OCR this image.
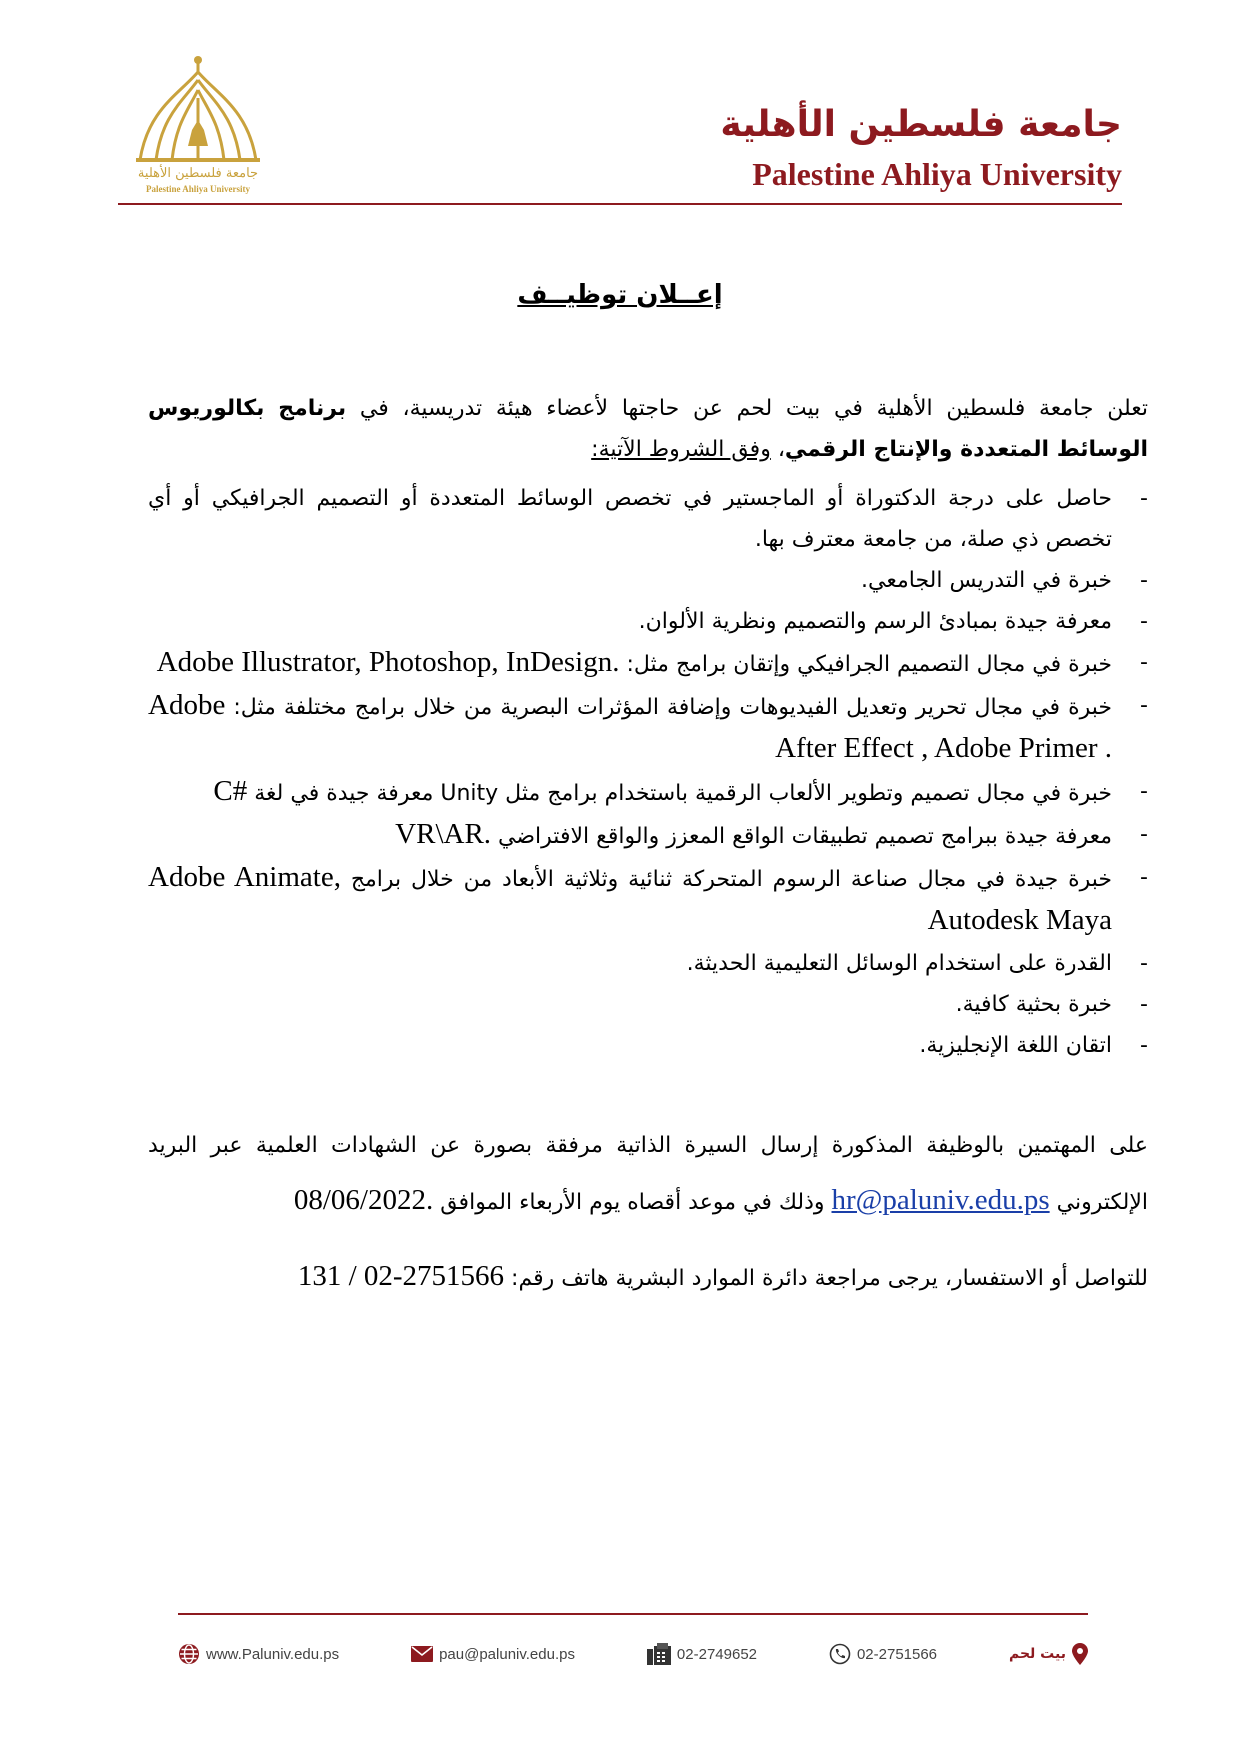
جامعة فلسطين الأهلية
Palestine Ahliya University
جامعة فلسطين الأهلية
Palestine Ahliya University
إعــلان توظيــف

تعلن جامعة فلسطين الأهلية في بيت لحم عن حاجتها لأعضاء هيئة تدريسية، في برنامج بكالوريوس الوسائط المتعددة والإنتاج الرقمي، وفق الشروط الآتية:

- حاصل على درجة الدكتوراة أو الماجستير في تخصص الوسائط المتعددة أو التصميم الجرافيكي أو أي تخصص ذي صلة، من جامعة معترف بها.
- خبرة في التدريس الجامعي.
- معرفة جيدة بمبادئ الرسم والتصميم ونظرية الألوان.
- خبرة في مجال التصميم الجرافيكي وإتقان برامج مثل: Adobe Illustrator, Photoshop, InDesign.
- خبرة في مجال تحرير وتعديل الفيديوهات وإضافة المؤثرات البصرية من خلال برامج مختلفة مثل: Adobe After Effect , Adobe Primer .
- خبرة في مجال تصميم وتطوير الألعاب الرقمية باستخدام برامج مثل Unity معرفة جيدة في لغة C#
- معرفة جيدة ببرامج تصميم تطبيقات الواقع المعزز والواقع الافتراضي VR\AR.
- خبرة جيدة في مجال صناعة الرسوم المتحركة ثنائية وثلاثية الأبعاد من خلال برامج Adobe Animate, Autodesk Maya
- القدرة على استخدام الوسائل التعليمية الحديثة.
- خبرة بحثية كافية.
- اتقان اللغة الإنجليزية.

على المهتمين بالوظيفة المذكورة إرسال السيرة الذاتية مرفقة بصورة عن الشهادات العلمية عبر البريد الإلكتروني hr@paluniv.edu.ps وذلك في موعد أقصاه يوم الأربعاء الموافق 08/06/2022.

للتواصل أو الاستفسار، يرجى مراجعة دائرة الموارد البشرية هاتف رقم: 02-2751566 / 131

www.Paluniv.edu.ps	pau@paluniv.edu.ps	02-2749652	02-2751566	بيت لحم
